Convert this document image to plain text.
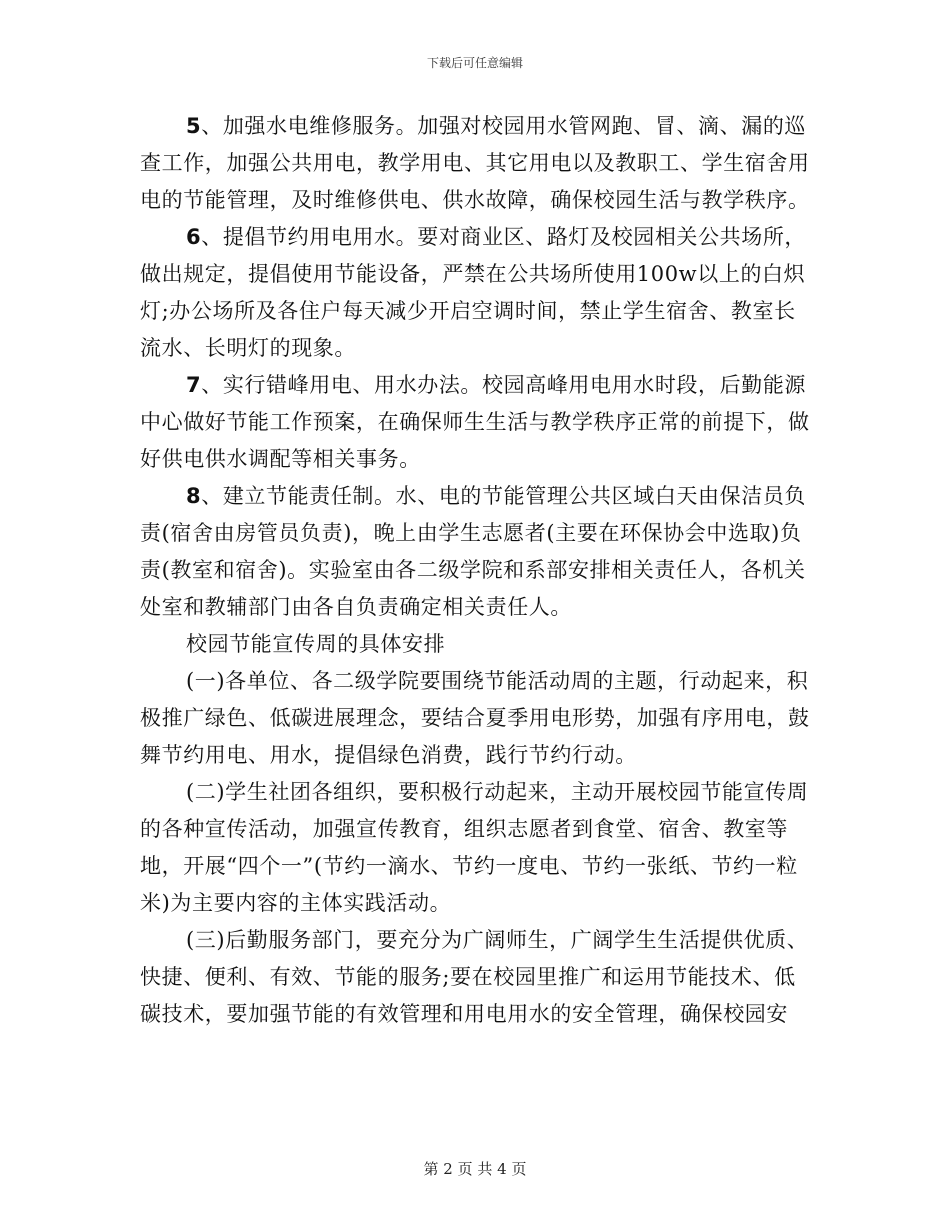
下载后可任意编辑

5、加强水电维修服务。加强对校园用水管网跑、冒、滴、漏的巡查工作，加强公共用电，教学用电、其它用电以及教职工、学生宿舍用电的节能管理，及时维修供电、供水故障，确保校园生活与教学秩序。

6、提倡节约用电用水。要对商业区、路灯及校园相关公共场所，做出规定，提倡使用节能设备，严禁在公共场所使用100w以上的白炽灯;办公场所及各住户每天减少开启空调时间，禁止学生宿舍、教室长流水、长明灯的现象。

7、实行错峰用电、用水办法。校园高峰用电用水时段，后勤能源中心做好节能工作预案，在确保师生生活与教学秩序正常的前提下，做好供电供水调配等相关事务。

8、建立节能责任制。水、电的节能管理公共区域白天由保洁员负责(宿舍由房管员负责)，晚上由学生志愿者(主要在环保协会中选取)负责(教室和宿舍)。实验室由各二级学院和系部安排相关责任人，各机关处室和教辅部门由各自负责确定相关责任人。

校园节能宣传周的具体安排

(一)各单位、各二级学院要围绕节能活动周的主题，行动起来，积极推广绿色、低碳进展理念，要结合夏季用电形势，加强有序用电，鼓舞节约用电、用水，提倡绿色消费，践行节约行动。

(二)学生社团各组织，要积极行动起来，主动开展校园节能宣传周的各种宣传活动，加强宣传教育，组织志愿者到食堂、宿舍、教室等地，开展“四个一”(节约一滴水、节约一度电、节约一张纸、节约一粒米)为主要内容的主体实践活动。

(三)后勤服务部门，要充分为广阔师生，广阔学生生活提供优质、快捷、便利、有效、节能的服务;要在校园里推广和运用节能技术、低碳技术，要加强节能的有效管理和用电用水的安全管理，确保校园安

第 2 页 共 4 页
